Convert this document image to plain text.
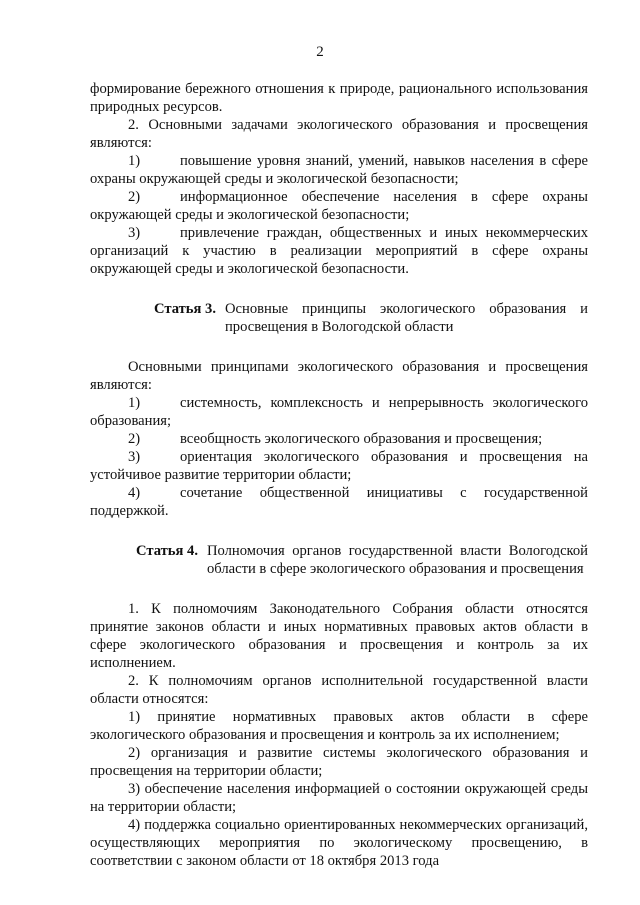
2

формирование бережного отношения к природе, рационального использования природных ресурсов.

2. Основными задачами экологического образования и просвещения являются:

1)	повышение уровня знаний, умений, навыков населения в сфере охраны окружающей среды и экологической безопасности;

2)	информационное обеспечение населения в сфере охраны окружающей среды и экологической безопасности;

3)	привлечение граждан, общественных и иных некоммерческих организаций к участию в реализации мероприятий в сфере охраны окружающей среды и экологической безопасности.

Статья 3. Основные принципы экологического образования и просвещения в Вологодской области

Основными принципами экологического образования и просвещения являются:

1)	системность, комплексность и непрерывность экологического образования;

2)	всеобщность экологического образования и просвещения;

3)	ориентация экологического образования и просвещения на устойчивое развитие территории области;

4)	сочетание общественной инициативы с государственной поддержкой.

Статья 4. Полномочия органов государственной власти Вологодской области в сфере экологического образования и просвещения

1. К полномочиям Законодательного Собрания области относятся принятие законов области и иных нормативных правовых актов области в сфере экологического образования и просвещения и контроль за их исполнением.

2. К полномочиям органов исполнительной государственной власти области относятся:

1) принятие нормативных правовых актов области в сфере экологического образования и просвещения и контроль за их исполнением;

2) организация и развитие системы экологического образования и просвещения на территории области;

3) обеспечение населения информацией о состоянии окружающей среды на территории области;

4) поддержка социально ориентированных некоммерческих организаций, осуществляющих мероприятия по экологическому просвещению, в соответствии с законом области от 18 октября 2013 года
